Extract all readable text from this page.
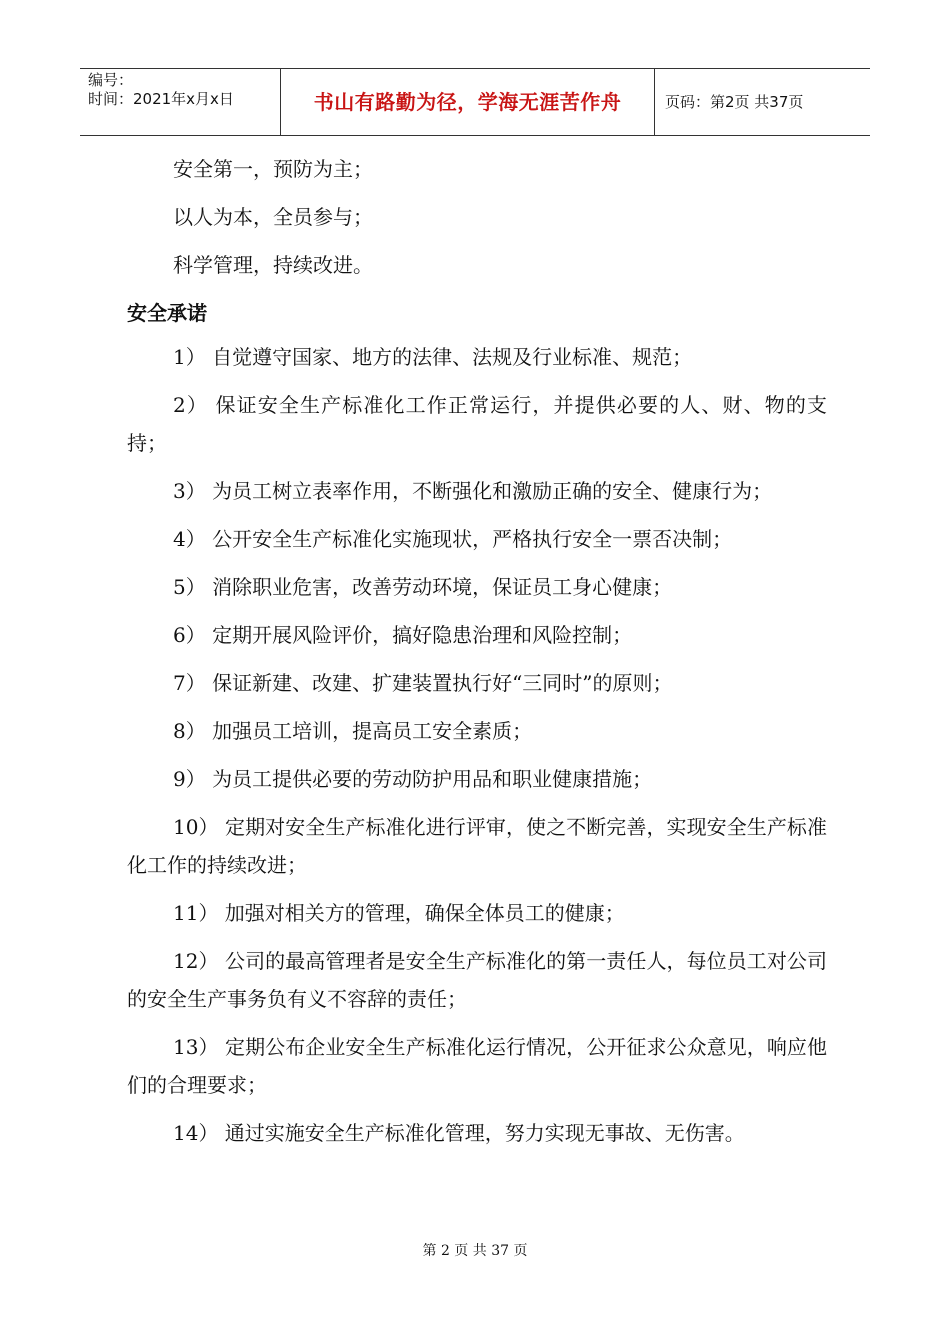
编号：
时间：2021年x月x日	书山有路勤为径，学海无涯苦作舟	页码：第2页 共37页
安全第一，预防为主；
以人为本，全员参与；
科学管理，持续改进。
安全承诺
1） 自觉遵守国家、地方的法律、法规及行业标准、规范；
2） 保证安全生产标准化工作正常运行，并提供必要的人、财、物的支持；
3） 为员工树立表率作用，不断强化和激励正确的安全、健康行为；
4） 公开安全生产标准化实施现状，严格执行安全一票否决制；
5） 消除职业危害，改善劳动环境，保证员工身心健康；
6） 定期开展风险评价，搞好隐患治理和风险控制；
7） 保证新建、改建、扩建装置执行好“三同时”的原则；
8） 加强员工培训，提高员工安全素质；
9） 为员工提供必要的劳动防护用品和职业健康措施；
10） 定期对安全生产标准化进行评审，使之不断完善，实现安全生产标准化工作的持续改进；
11） 加强对相关方的管理，确保全体员工的健康；
12） 公司的最高管理者是安全生产标准化的第一责任人，每位员工对公司的安全生产事务负有义不容辞的责任；
13） 定期公布企业安全生产标准化运行情况，公开征求公众意见，响应他们的合理要求；
14） 通过实施安全生产标准化管理，努力实现无事故、无伤害。
第 2 页 共 37 页
